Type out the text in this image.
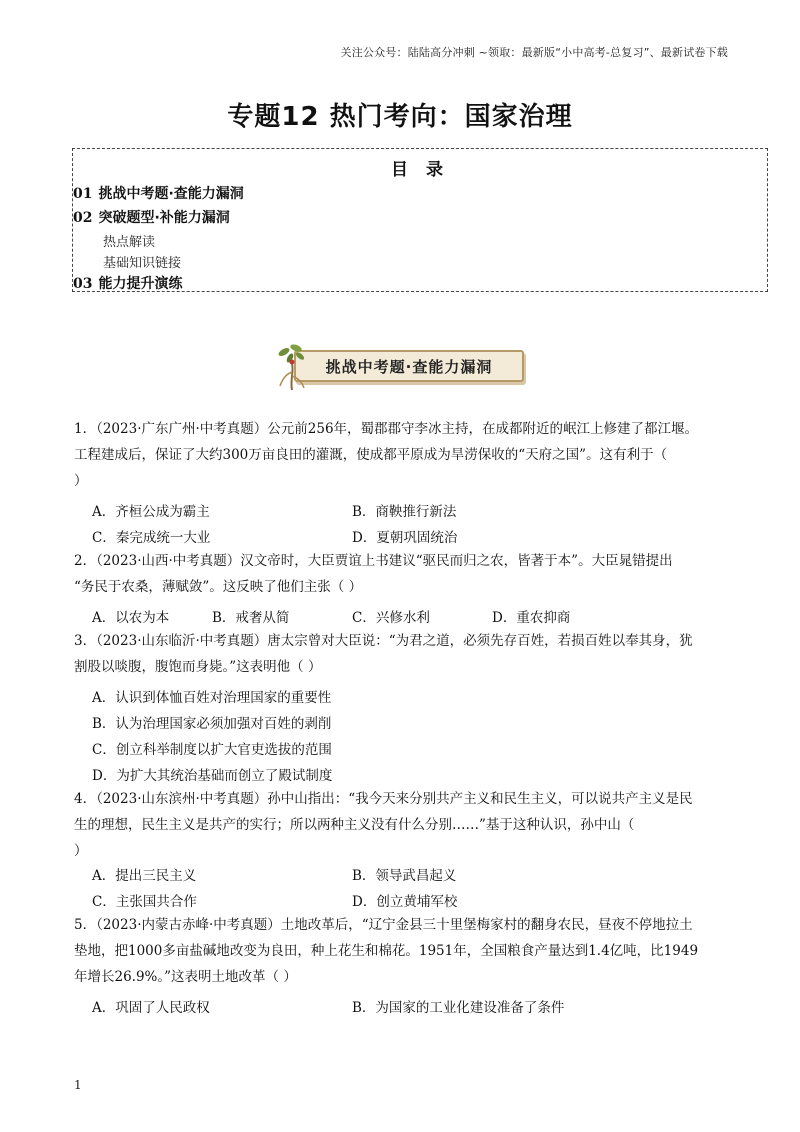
关注公众号：陆陆高分冲刺 ~领取：最新版“小中高考-总复习”、最新试卷下载
专题12 热门考向：国家治理
目 录
01 挑战中考题·查能力漏洞
02 突破题型·补能力漏洞
热点解读
基础知识链接
03 能力提升演练
挑战中考题·查能力漏洞
1．（2023·广东广州·中考真题）公元前256年，蜀郡郡守李冰主持，在成都附近的岷江上修建了都江堰。
工程建成后，保证了大约300万亩良田的灌溉，使成都平原成为旱涝保收的“天府之国”。这有利于（
）
A．齐桓公成为霸主	B．商鞅推行新法
C．秦完成统一大业	D．夏朝巩固统治
2．（2023·山西·中考真题）汉文帝时，大臣贾谊上书建议“驱民而归之农，皆著于本”。大臣晁错提出
“务民于农桑，薄赋敛”。这反映了他们主张（ ）
A．以农为本	B．戒奢从简	C．兴修水利	D．重农抑商
3．（2023·山东临沂·中考真题）唐太宗曾对大臣说：“为君之道，必须先存百姓，若损百姓以奉其身，犹
割股以啖腹，腹饱而身毙。”这表明他（ ）
A．认识到体恤百姓对治理国家的重要性
B．认为治理国家必须加强对百姓的剥削
C．创立科举制度以扩大官吏选拔的范围
D．为扩大其统治基础而创立了殿试制度
4．（2023·山东滨州·中考真题）孙中山指出：“我今天来分别共产主义和民生主义，可以说共产主义是民
生的理想，民生主义是共产的实行；所以两种主义没有什么分别……”基于这种认识，孙中山（
）
A．提出三民主义	B．领导武昌起义
C．主张国共合作	D．创立黄埔军校
5．（2023·内蒙古赤峰·中考真题）土地改革后，“辽宁金县三十里堡梅家村的翻身农民，昼夜不停地拉土
垫地，把1000多亩盐碱地改变为良田，种上花生和棉花。1951年，全国粮食产量达到1.4亿吨，比1949
年增长26.9%。”这表明土地改革（ ）
A．巩固了人民政权	B．为国家的工业化建设准备了条件
1
